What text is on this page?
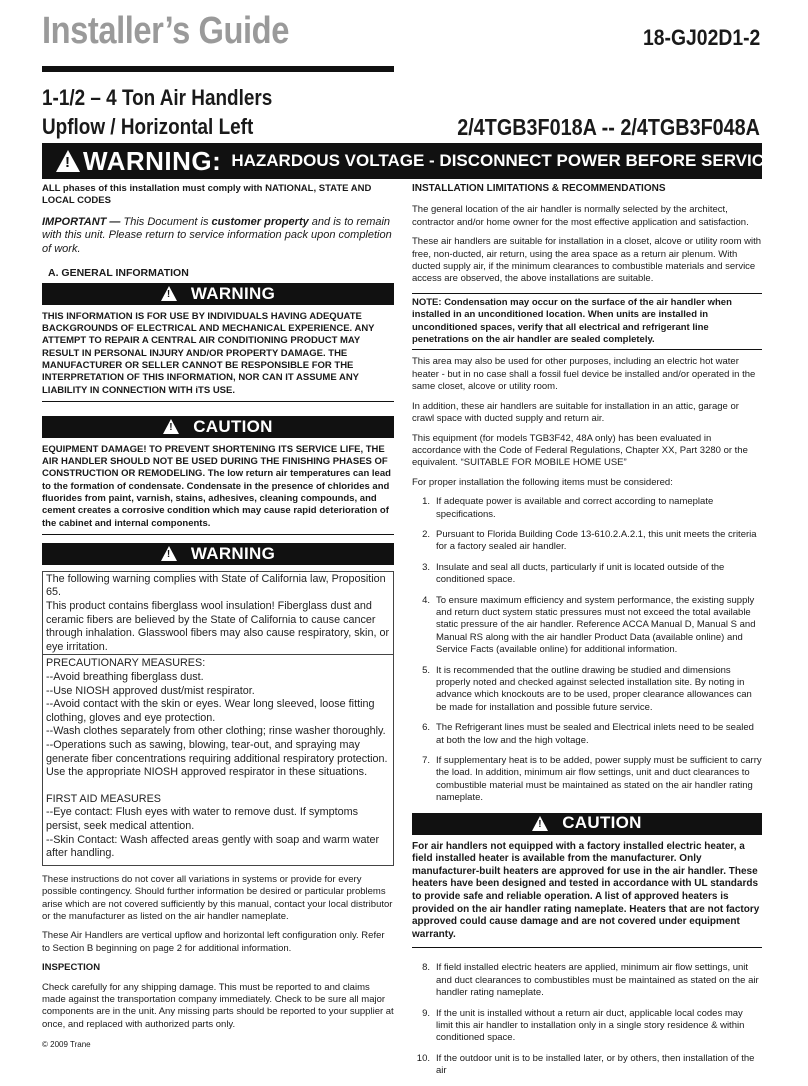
Installer’s Guide	18-GJ02D1-2
1-1/2 – 4 Ton Air Handlers
Upflow / Horizontal Left	2/4TGB3F018A -- 2/4TGB3F048A
!
WARNING: HAZARDOUS VOLTAGE - DISCONNECT POWER BEFORE SERVICING

ALL phases of this installation must comply with NATIONAL, STATE AND LOCAL CODES

IMPORTANT — This Document is customer property and is to remain with this unit. Please return to service information pack upon completion of work.

A. GENERAL INFORMATION
!
WARNING
THIS INFORMATION IS FOR USE BY INDIVIDUALS HAVING ADEQUATE BACKGROUNDS OF ELECTRICAL AND MECHANICAL EXPERIENCE. ANY ATTEMPT TO REPAIR A CENTRAL AIR CONDITIONING PRODUCT MAY RESULT IN PERSONAL INJURY AND/OR PROPERTY DAMAGE. THE MANUFACTURER OR SELLER CANNOT BE RESPONSIBLE FOR THE INTERPRETATION OF THIS INFORMATION, NOR CAN IT ASSUME ANY LIABILITY IN CONNECTION WITH iTS USE.
!
CAUTION
EQUIPMENT DAMAGE! TO PREVENT SHORTENING ITS SERVICE LIFE, THE AIR HANDLER SHOULD NOT BE USED DURING THE FINISHING PHASES OF CONSTRUCTION OR REMODELING. The low return air temperatures can lead to the formation of condensate. Condensate in the presence of chlorides and fluorides from paint, varnish, stains, adhesives, cleaning compounds, and cement creates a corrosive condition which may cause rapid deterioration of the cabinet and internal components.
!
WARNING
The following warning complies with State of California law, Proposition 65.
This product contains fiberglass wool insulation! Fiberglass dust and ceramic fibers are believed by the State of California to cause cancer through inhalation. Glasswool fibers may also cause respiratory, skin, or eye irritation.
PRECAUTIONARY MEASURES:
--Avoid breathing fiberglass dust.
--Use NIOSH approved dust/mist respirator.
--Avoid contact with the skin or eyes. Wear long sleeved, loose fitting clothing, gloves and eye protection.
--Wash clothes separately from other clothing; rinse washer thoroughly.
--Operations such as sawing, blowing, tear-out, and spraying may generate fiber concentrations requiring additional respiratory protection. Use the appropriate NIOSH approved respirator in these situations.
FIRST AID MEASURES
--Eye contact: Flush eyes with water to remove dust. If symptoms persist, seek medical attention.
--Skin Contact: Wash affected areas gently with soap and warm water after handling.

These instructions do not cover all variations in systems or provide for every possible contingency. Should further information be desired or particular problems arise which are not covered sufficiently by this manual, contact your local distributor or the manufacturer as listed on the air handler nameplate.

These Air Handlers are vertical upflow and horizontal left configuration only. Refer to Section B beginning on page 2 for additional information.

INSPECTION

Check carefully for any shipping damage. This must be reported to and claims made against the transportation company immediately. Check to be sure all major components are in the unit. Any missing parts should be reported to your supplier at once, and replaced with authorized parts only.

INSTALLATION LIMITATIONS & RECOMMENDATIONS

The general location of the air handler is normally selected by the architect, contractor and/or home owner for the most effective application and satisfaction.

These air handlers are suitable for installation in a closet, alcove or utility room with free, non-ducted, air return, using the area space as a return air plenum. With ducted supply air, if the minimum clearances to combustible materials and service access are observed, the above installations are suitable.

NOTE: Condensation may occur on the surface of the air handler when installed in an unconditioned location. When units are installed in unconditioned spaces, verify that all electrical and refrigerant line penetrations on the air handler are sealed completely.

This area may also be used for other purposes, including an electric hot water heater - but in no case shall a fossil fuel device be installed and/or operated in the same closet, alcove or utility room.

In addition, these air handlers are suitable for installation in an attic, garage or crawl space with ducted supply and return air.

This equipment (for models TGB3F42, 48A only) has been evaluated in accordance with the Code of Federal Regulations, Chapter XX, Part 3280 or the equivalent. “SUITABLE FOR MOBILE HOME USE”

For proper installation the following items must be considered:

1. If adequate power is available and correct according to nameplate specifications.
2. Pursuant to Florida Building Code 13-610.2.A.2.1, this unit meets the criteria for a factory sealed air handler.
3. Insulate and seal all ducts, particularly if unit is located outside of the conditioned space.
4. To ensure maximum efficiency and system performance, the existing supply and return duct system static pressures must not exceed the total available static pressure of the air handler. Reference ACCA Manual D, Manual S and Manual RS along with the air handler Product Data (available online) and Service Facts (available online) for additional information.
5. It is recommended that the outline drawing be studied and dimensions properly noted and checked against selected installation site. By noting in advance which knockouts are to be used, proper clearance allowances can be made for installation and possible future service.
6. The Refrigerant lines must be sealed and Electrical inlets need to be sealed at both the low and the high voltage.
7. If supplementary heat is to be added, power supply must be sufficient to carry the load. In addition, minimum air flow settings, unit and duct clearances to combustible material must be maintained as stated on the air handler rating nameplate.
!
CAUTION
For air handlers not equipped with a factory installed electric heater, a field installed heater is available from the manufacturer. Only manufacturer-built heaters are approved for use in the air handler. These heaters have been designed and tested in accordance with UL standards to provide safe and reliable operation. A list of approved heaters is provided on the air handler rating nameplate. Heaters that are not factory approved could cause damage and are not covered under equipment warranty.
8. If field installed electric heaters are applied, minimum air flow settings, unit and duct clearances to combustibles must be maintained as stated on the air handler rating nameplate.
9. If the unit is installed without a return air duct, applicable local codes may limit this air handler to installation only in a single story residence & within conditioned space.
10. If the outdoor unit is to be installed later, or by others, then installation of the air
© 2009 Trane
